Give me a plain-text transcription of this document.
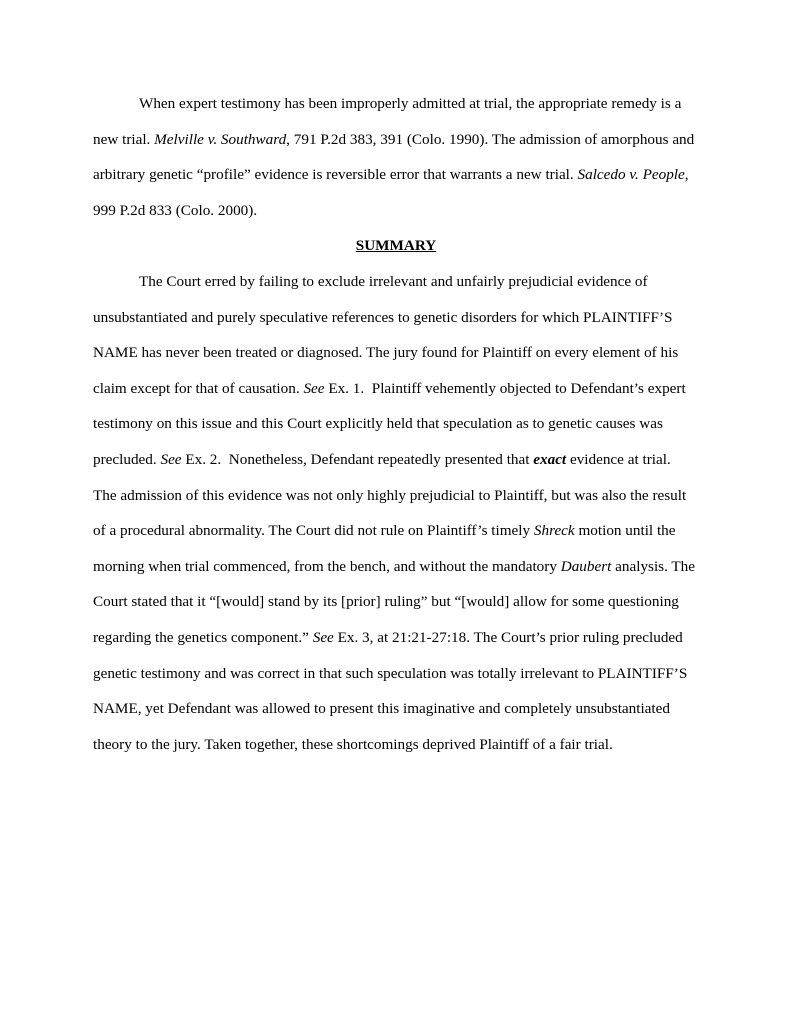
When expert testimony has been improperly admitted at trial, the appropriate remedy is a new trial. Melville v. Southward, 791 P.2d 383, 391 (Colo. 1990). The admission of amorphous and arbitrary genetic “profile” evidence is reversible error that warrants a new trial. Salcedo v. People, 999 P.2d 833 (Colo. 2000).

SUMMARY

The Court erred by failing to exclude irrelevant and unfairly prejudicial evidence of unsubstantiated and purely speculative references to genetic disorders for which PLAINTIFF’S NAME has never been treated or diagnosed. The jury found for Plaintiff on every element of his claim except for that of causation. See Ex. 1.  Plaintiff vehemently objected to Defendant’s expert testimony on this issue and this Court explicitly held that speculation as to genetic causes was precluded. See Ex. 2.  Nonetheless, Defendant repeatedly presented that exact evidence at trial.     The admission of this evidence was not only highly prejudicial to Plaintiff, but was also the result of a procedural abnormality. The Court did not rule on Plaintiff’s timely Shreck motion until the morning when trial commenced, from the bench, and without the mandatory Daubert analysis. The Court stated that it “[would] stand by its [prior] ruling” but “[would] allow for some questioning regarding the genetics component.” See Ex. 3, at 21:21-27:18. The Court’s prior ruling precluded genetic testimony and was correct in that such speculation was totally irrelevant to PLAINTIFF’S NAME, yet Defendant was allowed to present this imaginative and completely unsubstantiated theory to the jury. Taken together, these shortcomings deprived Plaintiff of a fair trial.
